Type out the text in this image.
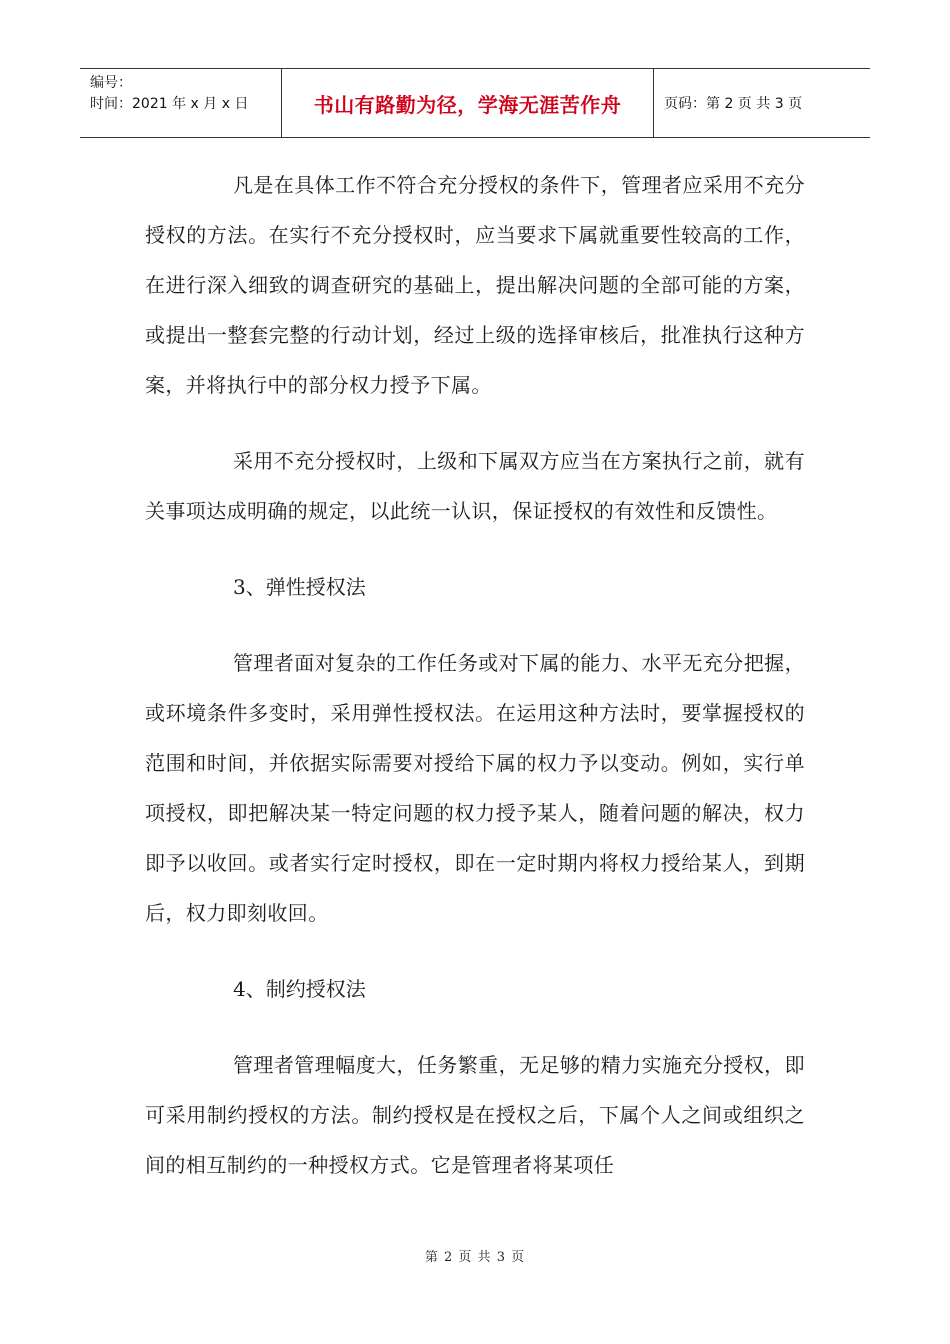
编号：
时间：2021 年 x 月 x 日	书山有路勤为径，学海无涯苦作舟	页码：第 2 页 共 3 页

凡是在具体工作不符合充分授权的条件下，管理者应采用不充分授权的方法。在实行不充分授权时，应当要求下属就重要性较高的工作，在进行深入细致的调查研究的基础上，提出解决问题的全部可能的方案，或提出一整套完整的行动计划，经过上级的选择审核后，批准执行这种方案，并将执行中的部分权力授予下属。

采用不充分授权时，上级和下属双方应当在方案执行之前，就有关事项达成明确的规定，以此统一认识，保证授权的有效性和反馈性。

3、弹性授权法

管理者面对复杂的工作任务或对下属的能力、水平无充分把握，或环境条件多变时，采用弹性授权法。在运用这种方法时，要掌握授权的范围和时间，并依据实际需要对授给下属的权力予以变动。例如，实行单项授权，即把解决某一特定问题的权力授予某人，随着问题的解决，权力即予以收回。或者实行定时授权，即在一定时期内将权力授给某人，到期后，权力即刻收回。

4、制约授权法

管理者管理幅度大，任务繁重，无足够的精力实施充分授权，即可采用制约授权的方法。制约授权是在授权之后，下属个人之间或组织之间的相互制约的一种授权方式。它是管理者将某项任

第 2 页 共 3 页
